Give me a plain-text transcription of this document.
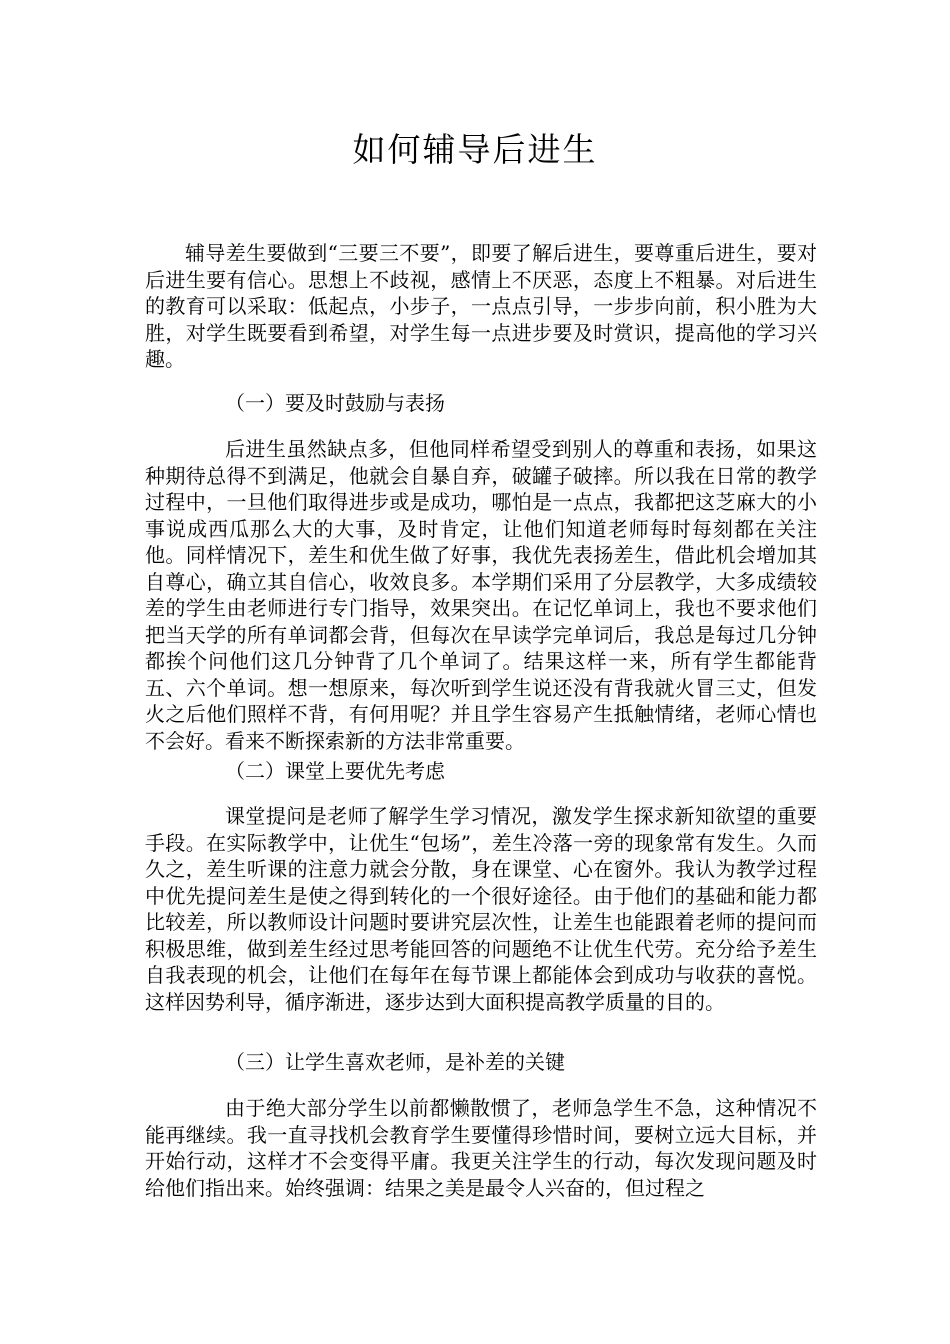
如何辅导后进生

辅导差生要做到“三要三不要”，即要了解后进生，要尊重后进生，要对后进生要有信心。思想上不歧视，感情上不厌恶，态度上不粗暴。对后进生的教育可以采取：低起点，小步子，一点点引导，一步步向前，积小胜为大胜，对学生既要看到希望，对学生每一点进步要及时赏识，提高他的学习兴趣。

（一）要及时鼓励与表扬

后进生虽然缺点多，但他同样希望受到别人的尊重和表扬，如果这种期待总得不到满足，他就会自暴自弃，破罐子破摔。所以我在日常的教学过程中，一旦他们取得进步或是成功，哪怕是一点点，我都把这芝麻大的小事说成西瓜那么大的大事，及时肯定，让他们知道老师每时每刻都在关注他。同样情况下，差生和优生做了好事，我优先表扬差生，借此机会增加其自尊心，确立其自信心，收效良多。本学期们采用了分层教学，大多成绩较差的学生由老师进行专门指导，效果突出。在记忆单词上，我也不要求他们把当天学的所有单词都会背，但每次在早读学完单词后，我总是每过几分钟都挨个问他们这几分钟背了几个单词了。结果这样一来，所有学生都能背五、六个单词。想一想原来，每次听到学生说还没有背我就火冒三丈，但发火之后他们照样不背，有何用呢？并且学生容易产生抵触情绪，老师心情也不会好。看来不断探索新的方法非常重要。

（二）课堂上要优先考虑

课堂提问是老师了解学生学习情况，激发学生探求新知欲望的重要手段。在实际教学中，让优生“包场”，差生冷落一旁的现象常有发生。久而久之，差生听课的注意力就会分散，身在课堂、心在窗外。我认为教学过程中优先提问差生是使之得到转化的一个很好途径。由于他们的基础和能力都比较差，所以教师设计问题时要讲究层次性，让差生也能跟着老师的提问而积极思维，做到差生经过思考能回答的问题绝不让优生代劳。充分给予差生自我表现的机会，让他们在每年在每节课上都能体会到成功与收获的喜悦。这样因势利导，循序渐进，逐步达到大面积提高教学质量的目的。

（三）让学生喜欢老师，是补差的关键

由于绝大部分学生以前都懒散惯了，老师急学生不急，这种情况不能再继续。我一直寻找机会教育学生要懂得珍惜时间，要树立远大目标，并开始行动，这样才不会变得平庸。我更关注学生的行动，每次发现问题及时给他们指出来。始终强调：结果之美是最令人兴奋的，但过程之
